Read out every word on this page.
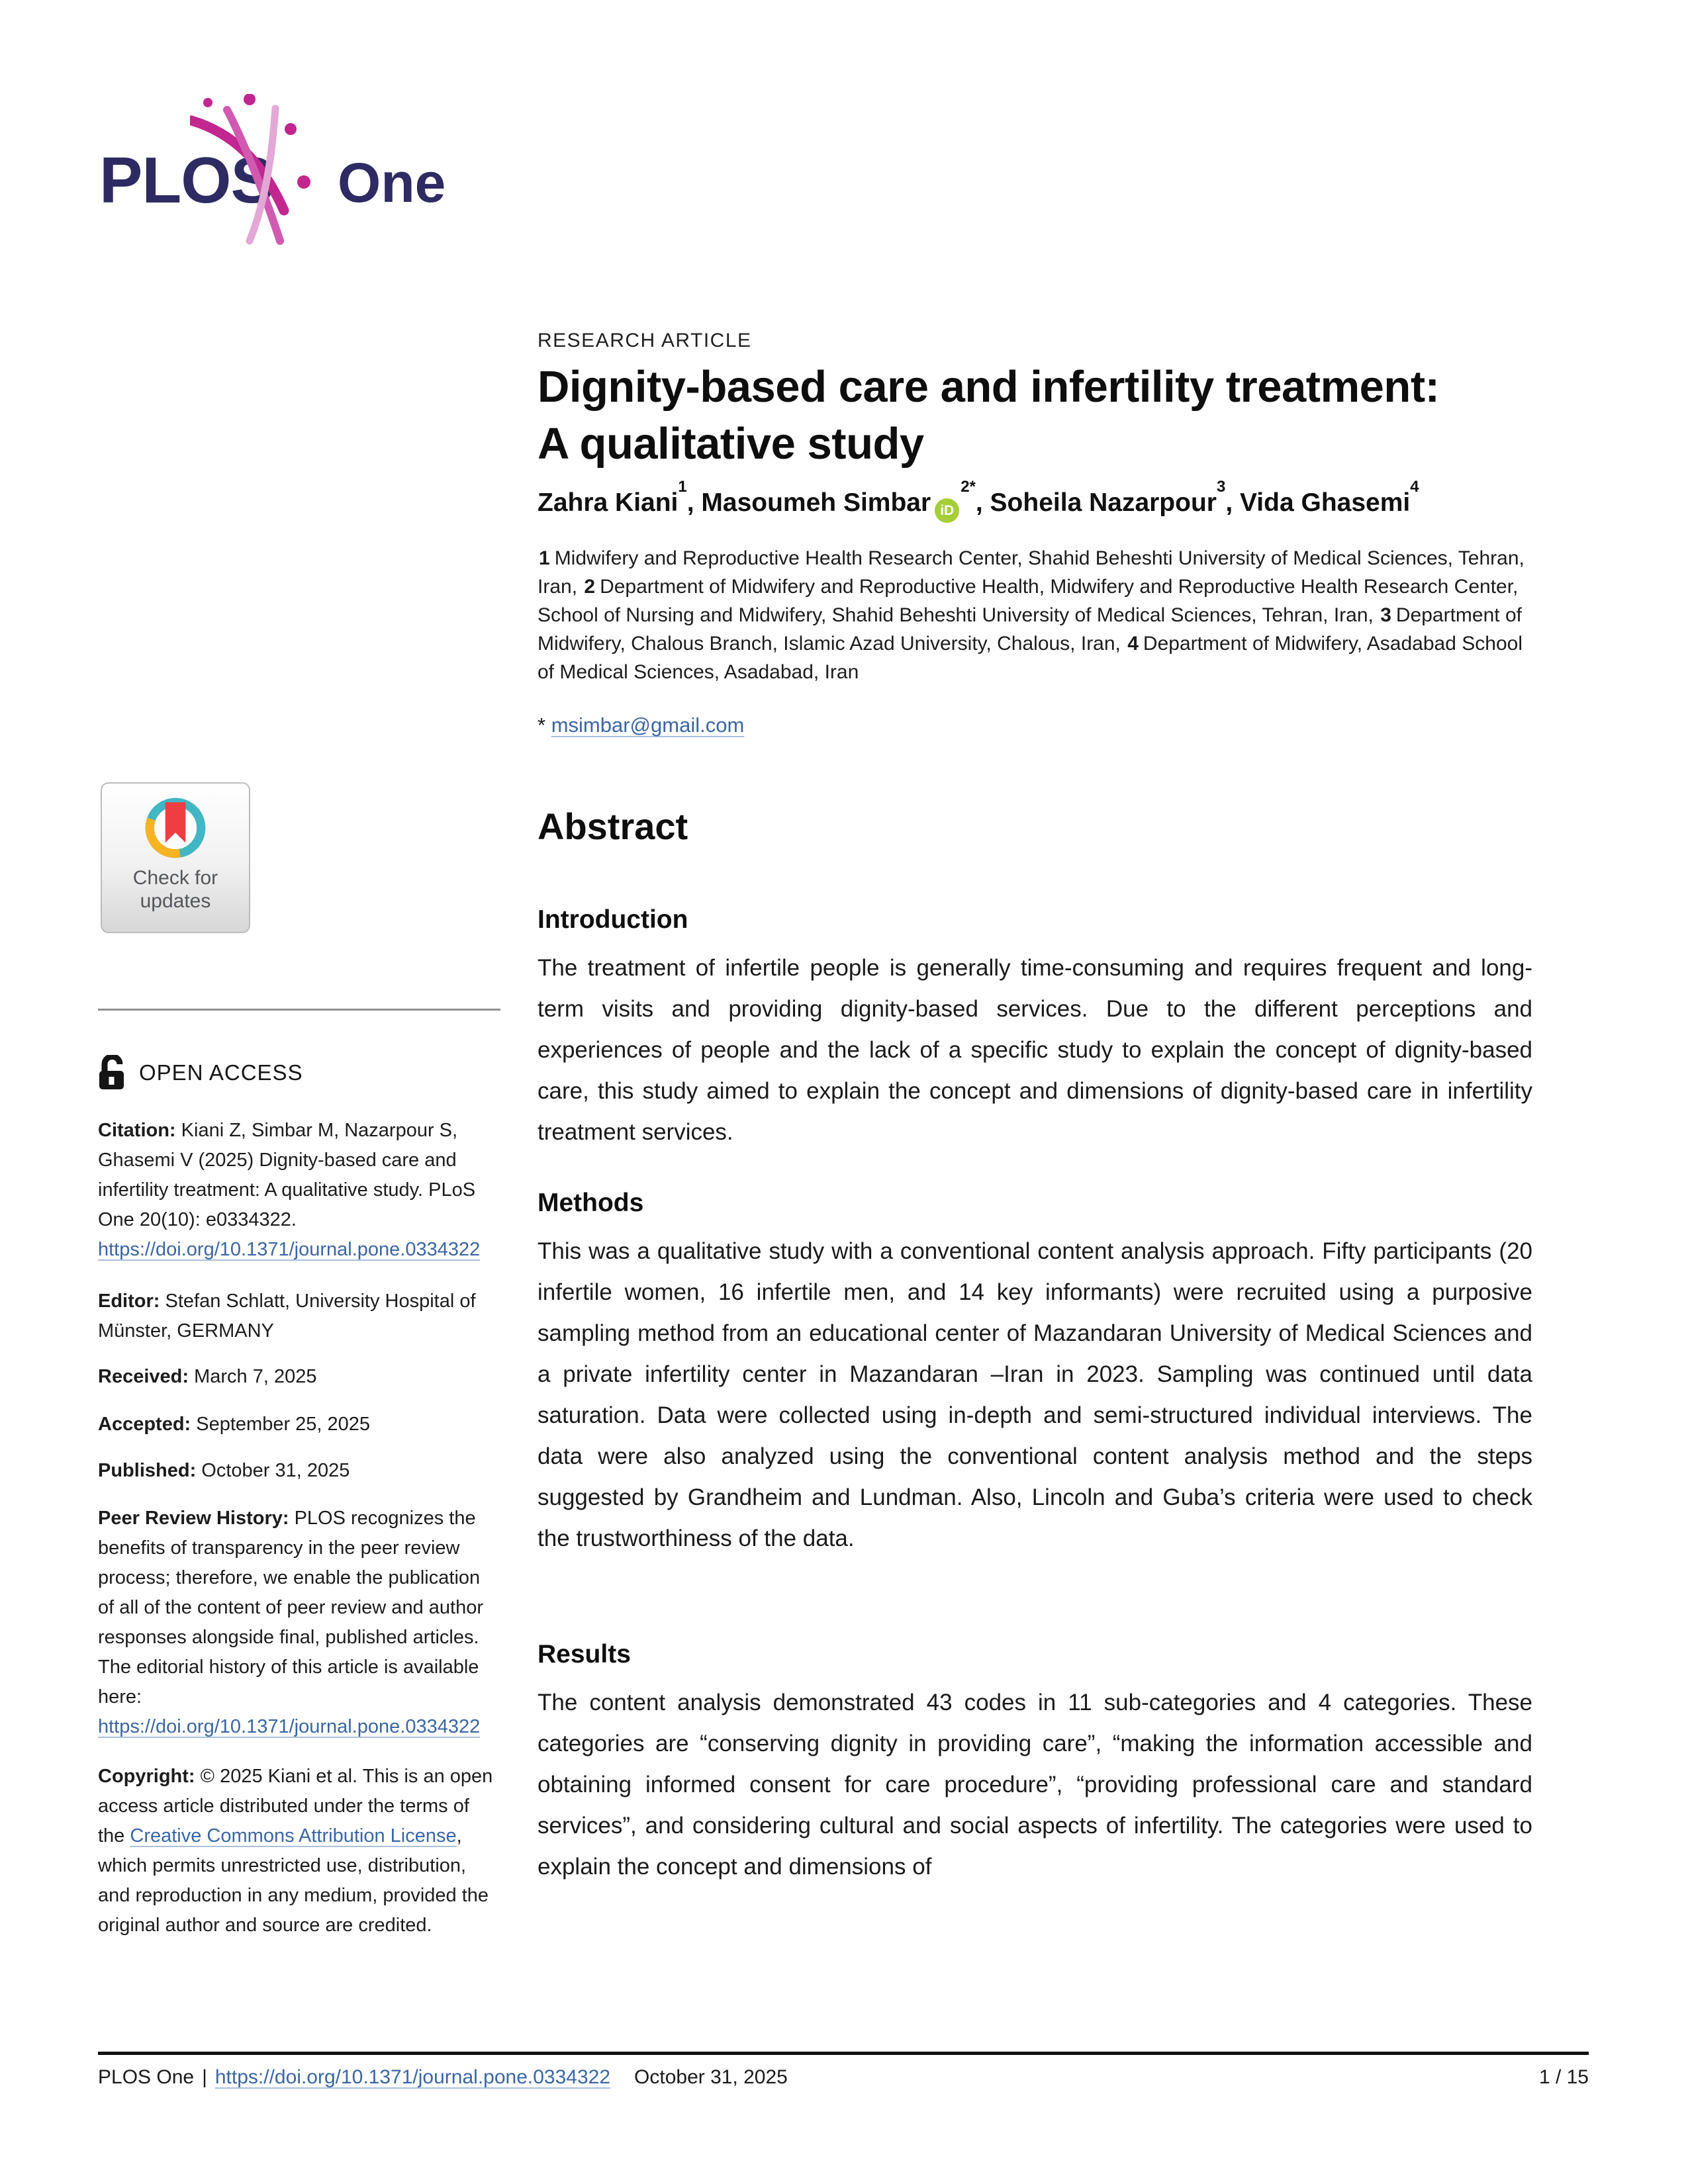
PLOS One
RESEARCH ARTICLE
Dignity-based care and infertility treatment:
A qualitative study
Zahra Kiani$^1$, Masoumeh Simbar $iD^{2*}$, Soheila Nazarpour$^3$, Vida Ghasemi$^4$
1 Midwifery and Reproductive Health Research Center, Shahid Beheshti University of Medical Sciences, Tehran, Iran, 2 Department of Midwifery and Reproductive Health, Midwifery and Reproductive Health Research Center, School of Nursing and Midwifery, Shahid Beheshti University of Medical Sciences, Tehran, Iran, 3 Department of Midwifery, Chalous Branch, Islamic Azad University, Chalous, Iran, 4 Department of Midwifery, Asadabad School of Medical Sciences, Asadabad, Iran
* msimbar@gmail.com
Abstract
Introduction
The treatment of infertile people is generally time-consuming and requires frequent and long-term visits and providing dignity-based services. Due to the different perceptions and experiences of people and the lack of a specific study to explain the concept of dignity-based care, this study aimed to explain the concept and dimensions of dignity-based care in infertility treatment services.
Methods
This was a qualitative study with a conventional content analysis approach. Fifty participants (20 infertile women, 16 infertile men, and 14 key informants) were recruited using a purposive sampling method from an educational center of Mazandaran University of Medical Sciences and a private infertility center in Mazandaran –Iran in 2023. Sampling was continued until data saturation. Data were collected using in-depth and semi-structured individual interviews. The data were also analyzed using the conventional content analysis method and the steps suggested by Grandheim and Lundman. Also, Lincoln and Guba’s criteria were used to check the trustworthiness of the data.
Results
The content analysis demonstrated 43 codes in 11 sub-categories and 4 categories. These categories are “conserving dignity in providing care”, “making the information accessible and obtaining informed consent for care procedure”, “providing professional care and standard services”, and considering cultural and social aspects of infertility. The categories were used to explain the concept and dimensions of
Check for
updates
OPEN ACCESS
Citation: Kiani Z, Simbar M, Nazarpour S, Ghasemi V (2025) Dignity-based care and infertility treatment: A qualitative study. PLoS One 20(10): e0334322. https://doi.org/10.1371/journal.pone.0334322
Editor: Stefan Schlatt, University Hospital of Münster, GERMANY
Received: March 7, 2025
Accepted: September 25, 2025
Published: October 31, 2025
Peer Review History: PLOS recognizes the benefits of transparency in the peer review process; therefore, we enable the publication of all of the content of peer review and author responses alongside final, published articles. The editorial history of this article is available here: https://doi.org/10.1371/journal.pone.0334322
Copyright: © 2025 Kiani et al. This is an open access article distributed under the terms of the Creative Commons Attribution License, which permits unrestricted use, distribution, and reproduction in any medium, provided the original author and source are credited.
PLOS One | https://doi.org/10.1371/journal.pone.0334322 October 31, 2025	1 / 15
